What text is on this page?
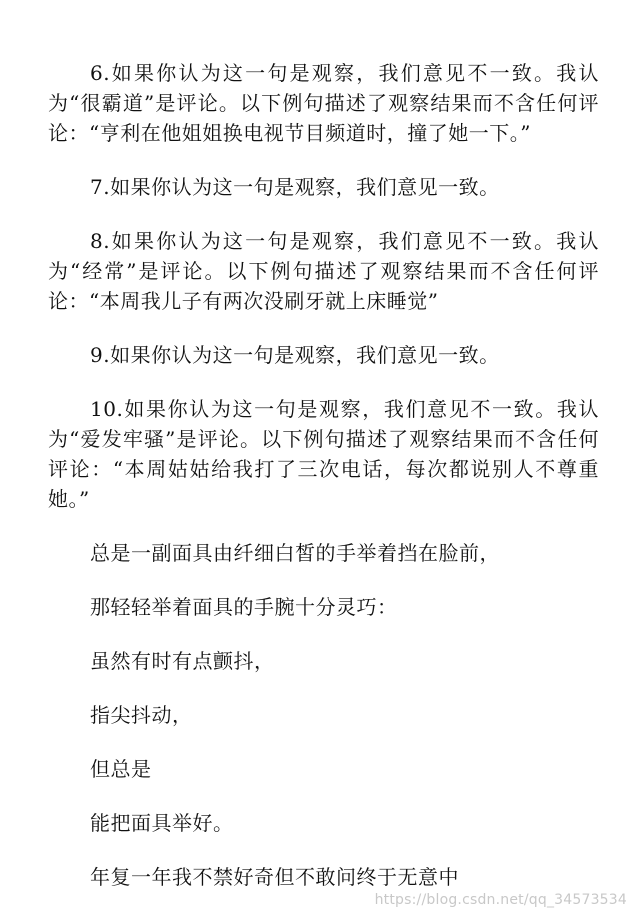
6.如果你认为这一句是观察，我们意见不一致。我认为“很霸道”是评论。以下例句描述了观察结果而不含任何评论：“亨利在他姐姐换电视节目频道时，撞了她一下。”

7.如果你认为这一句是观察，我们意见一致。

8.如果你认为这一句是观察，我们意见不一致。我认为“经常”是评论。以下例句描述了观察结果而不含任何评论：“本周我儿子有两次没刷牙就上床睡觉”

9.如果你认为这一句是观察，我们意见一致。

10.如果你认为这一句是观察，我们意见不一致。我认为“爱发牢骚”是评论。以下例句描述了观察结果而不含任何评论：“本周姑姑给我打了三次电话，每次都说别人不尊重她。”

总是一副面具由纤细白皙的手举着挡在脸前，

那轻轻举着面具的手腕十分灵巧：

虽然有时有点颤抖，

指尖抖动，

但总是

能把面具举好。

年复一年我不禁好奇但不敢问终于无意中

https://blog.csdn.net/qq_34573534
